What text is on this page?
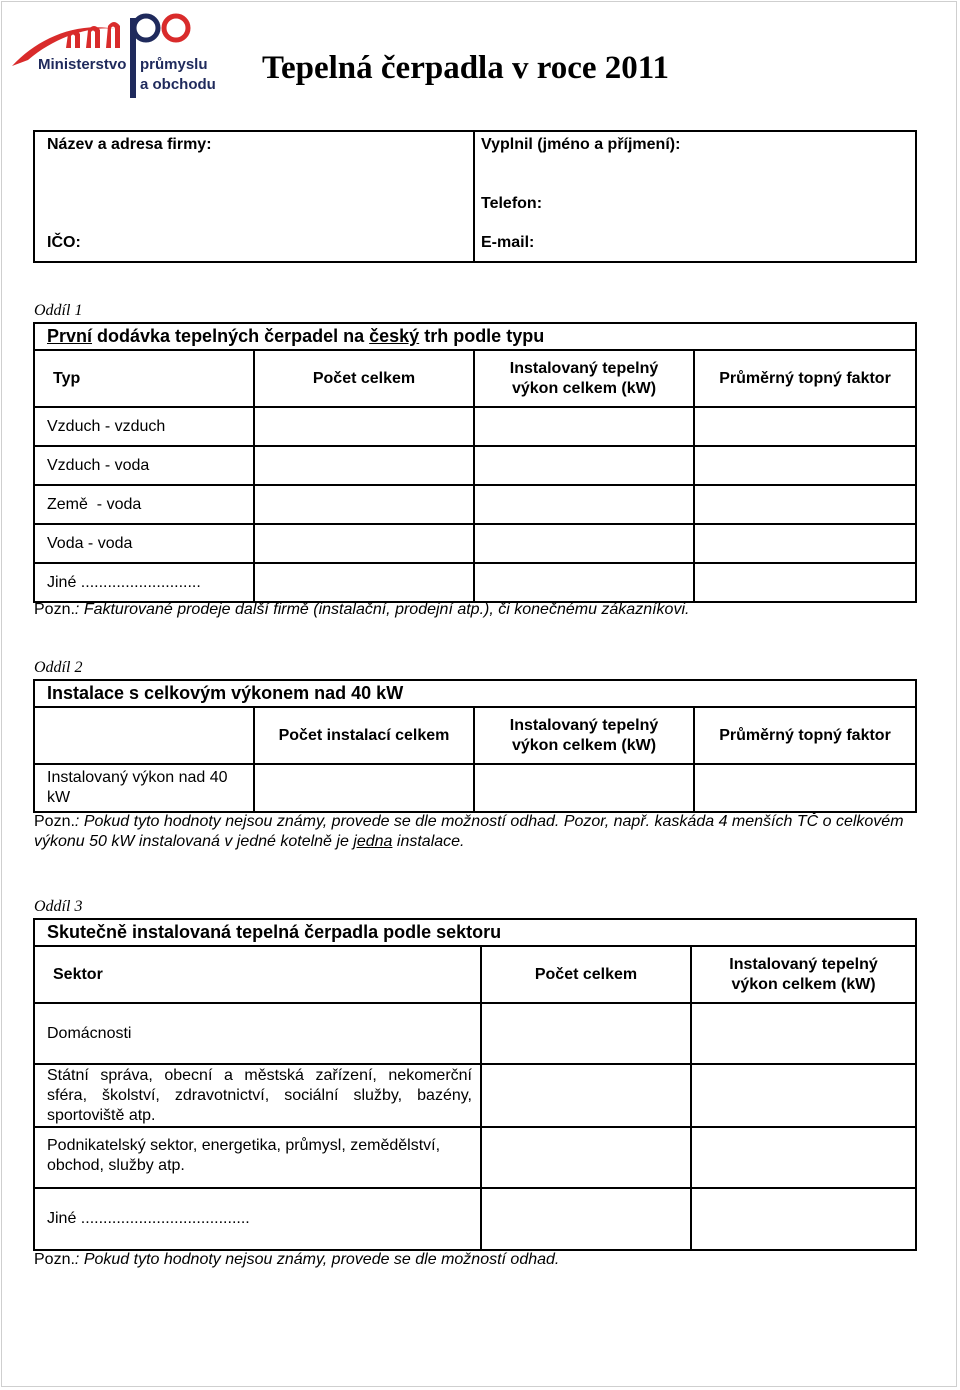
Ministerstvo průmyslu
a obchodu Tepelná čerpadla v roce 2011
Název a adresa firmy:
IČO:

Vyplnil (jméno a příjmení):
Telefon:
E-mail:
Oddíl 1
První dodávka tepelných čerpadel na český trh podle typu			
Typ	Počet celkem	Instalovaný tepelný výkon celkem (kW)	Průměrný topný faktor
Vzduch - vzduch			
Vzduch - voda			
Země  - voda			
Voda - voda			
Jiné ...........................			
Pozn.: Fakturované prodeje další firmě (instalační, prodejní atp.), či konečnému zákazníkovi.
Oddíl 2
Instalace s celkovým výkonem nad 40 kW			
	Počet instalací celkem	Instalovaný tepelný výkon celkem (kW)	Průměrný topný faktor
Instalovaný výkon nad 40 kW			
Pozn.: Pokud tyto hodnoty nejsou známy, provede se dle možností odhad. Pozor, např. kaskáda 4 menších TČ o celkovém výkonu 50 kW instalovaná v jedné kotelně je jedna instalace.
Oddíl 3
Skutečně instalovaná tepelná čerpadla podle sektoru		
Sektor	Počet celkem	Instalovaný tepelný výkon celkem (kW)

Domácnosti		
Státní správa, obecní a městská zařízení, nekomerční sféra, školství, zdravotnictví, sociální služby, bazény, sportoviště atp.		
Podnikatelský sektor, energetika, průmysl, zemědělství, obchod, služby atp.		
Jiné ......................................		
Pozn.: Pokud tyto hodnoty nejsou známy, provede se dle možností odhad.
